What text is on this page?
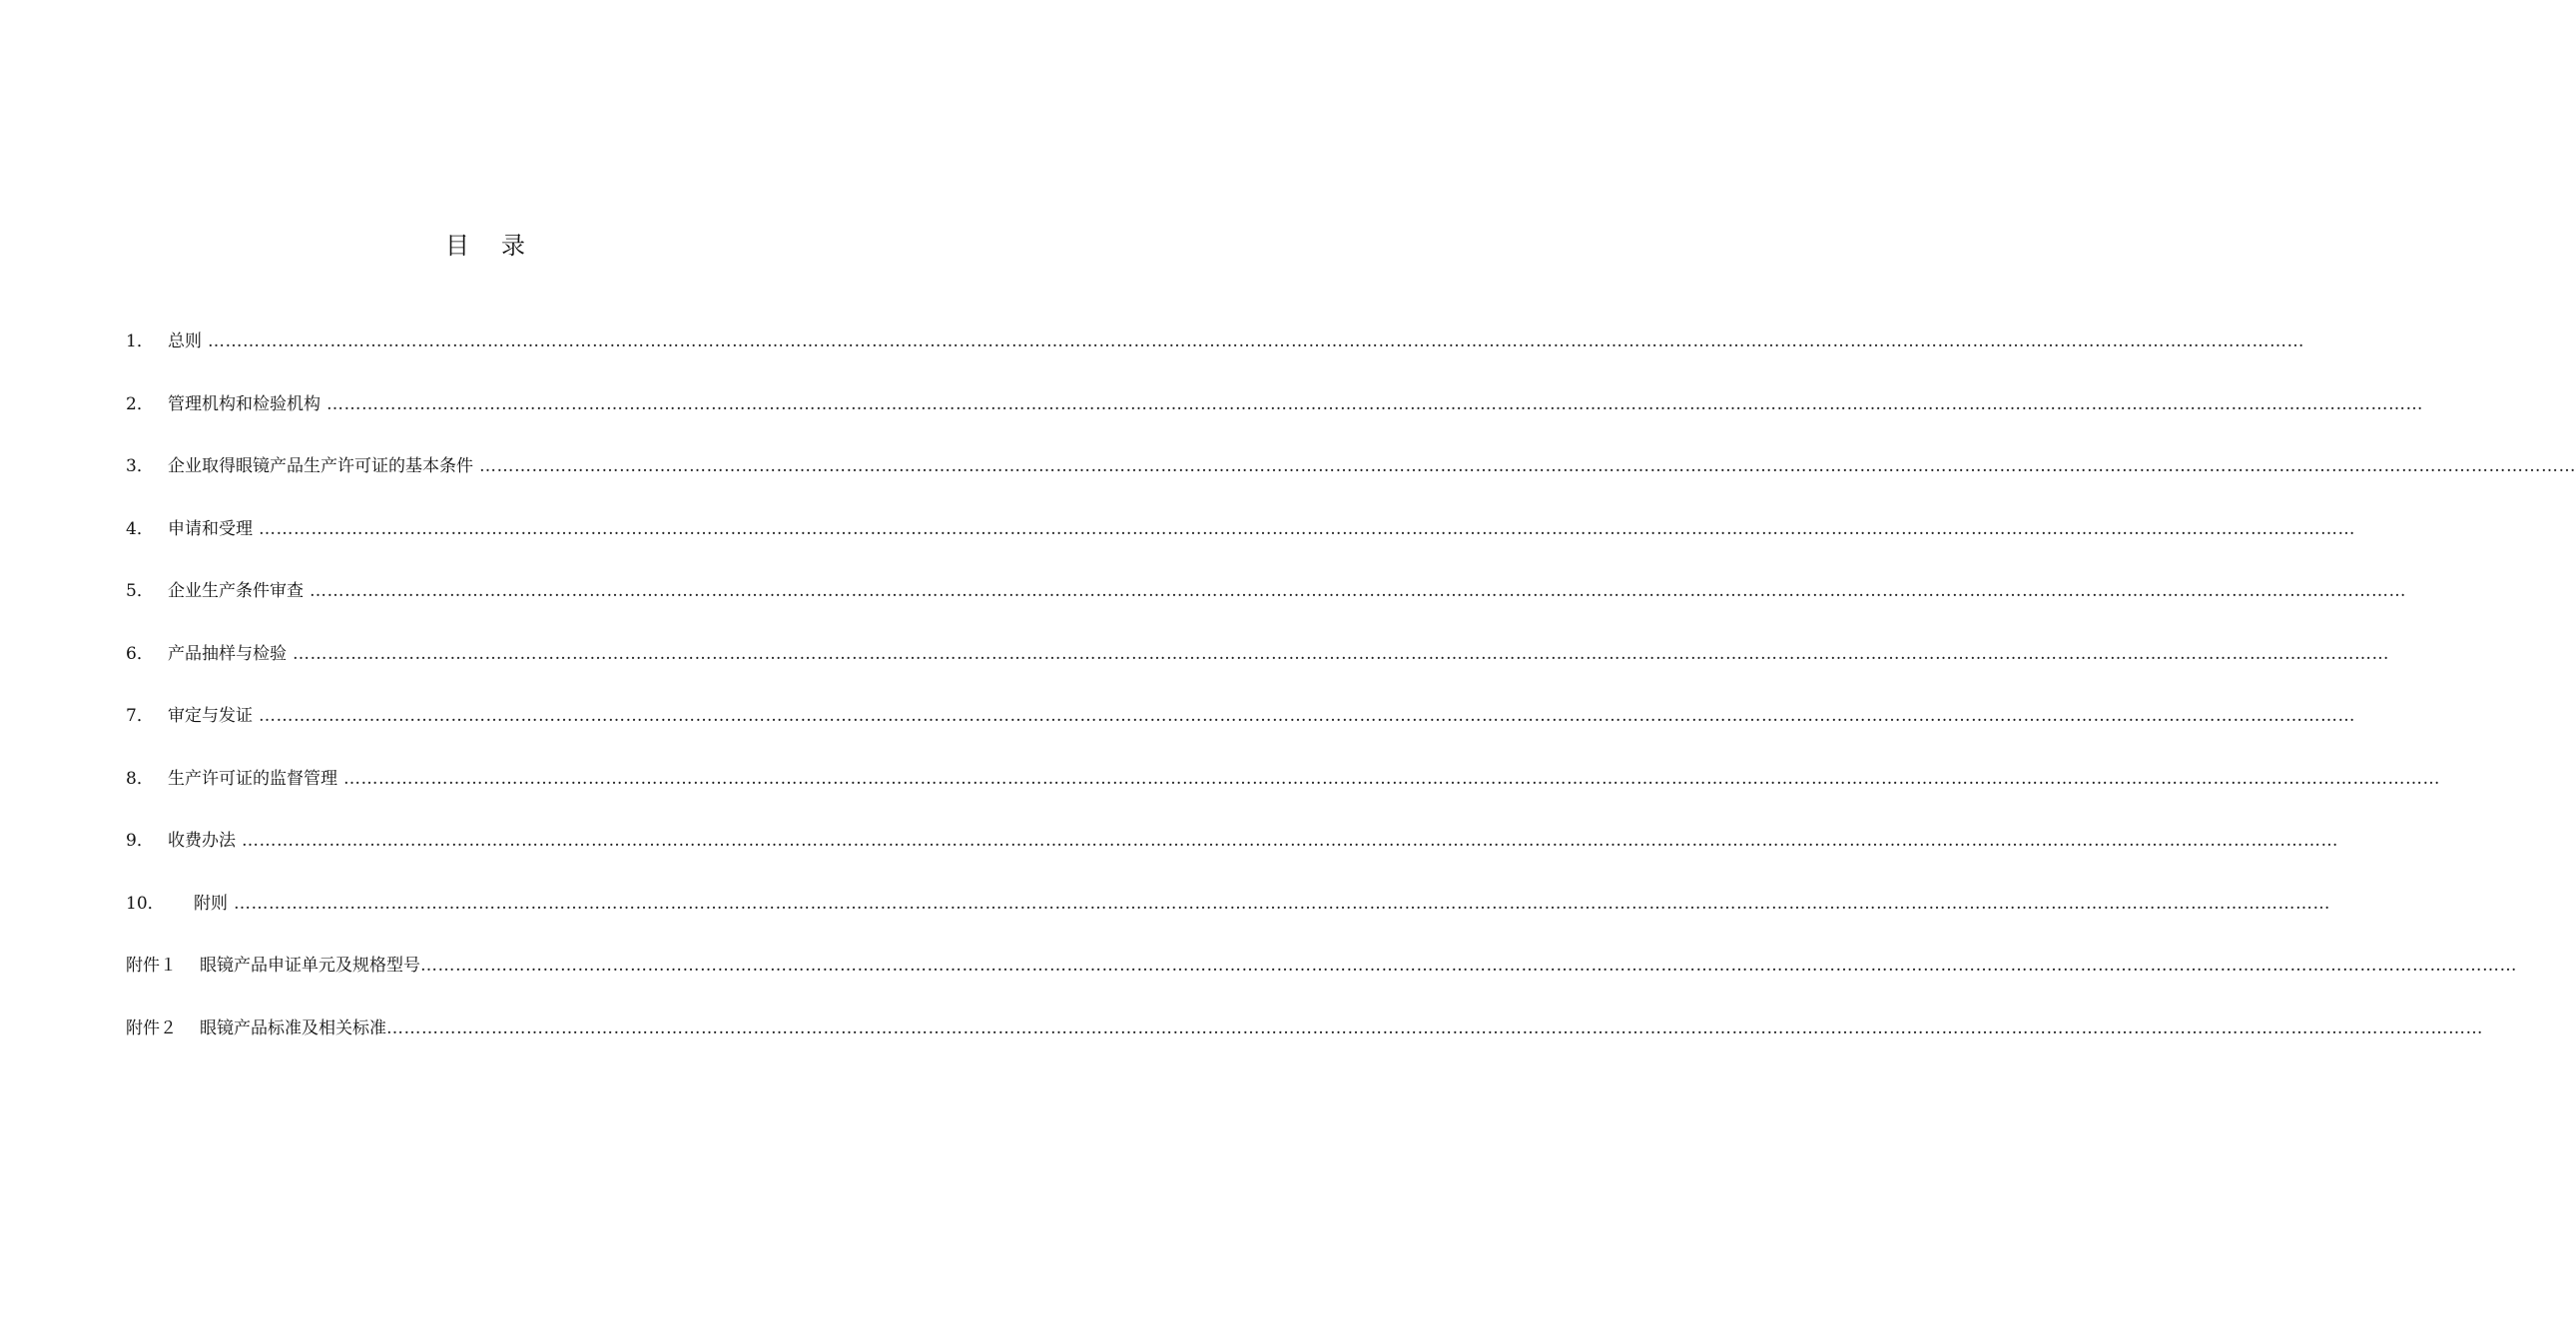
目 录
1． 总则 ………………………………………………………………………………………………………………………………………………………………………………………………………………………………………………………………………………………………………………………………
2． 管理机构和检验机构 ………………………………………………………………………………………………………………………………………………………………………………………………………………………………………………………………………………………………………………………………
3． 企业取得眼镜产品生产许可证的基本条件 ………………………………………………………………………………………………………………………………………………………………………………………………………………………………………………………………………………………………………………………………
4． 申请和受理 ………………………………………………………………………………………………………………………………………………………………………………………………………………………………………………………………………………………………………………………………
5． 企业生产条件审查 ………………………………………………………………………………………………………………………………………………………………………………………………………………………………………………………………………………………………………………………………
6． 产品抽样与检验 ………………………………………………………………………………………………………………………………………………………………………………………………………………………………………………………………………………………………………………………………
7． 审定与发证 ………………………………………………………………………………………………………………………………………………………………………………………………………………………………………………………………………………………………………………………………
8． 生产许可证的监督管理 ………………………………………………………………………………………………………………………………………………………………………………………………………………………………………………………………………………………………………………………………
9． 收费办法 ………………………………………………………………………………………………………………………………………………………………………………………………………………………………………………………………………………………………………………………………
10．	附则 ………………………………………………………………………………………………………………………………………………………………………………………………………………………………………………………………………………………………………………………………
附件１	眼镜产品申证单元及规格型号 ………………………………………………………………………………………………………………………………………………………………………………………………………………………………………………………………………………………………………………………………
附件２	眼镜产品标准及相关标准 ………………………………………………………………………………………………………………………………………………………………………………………………………………………………………………………………………………………………………………………………
